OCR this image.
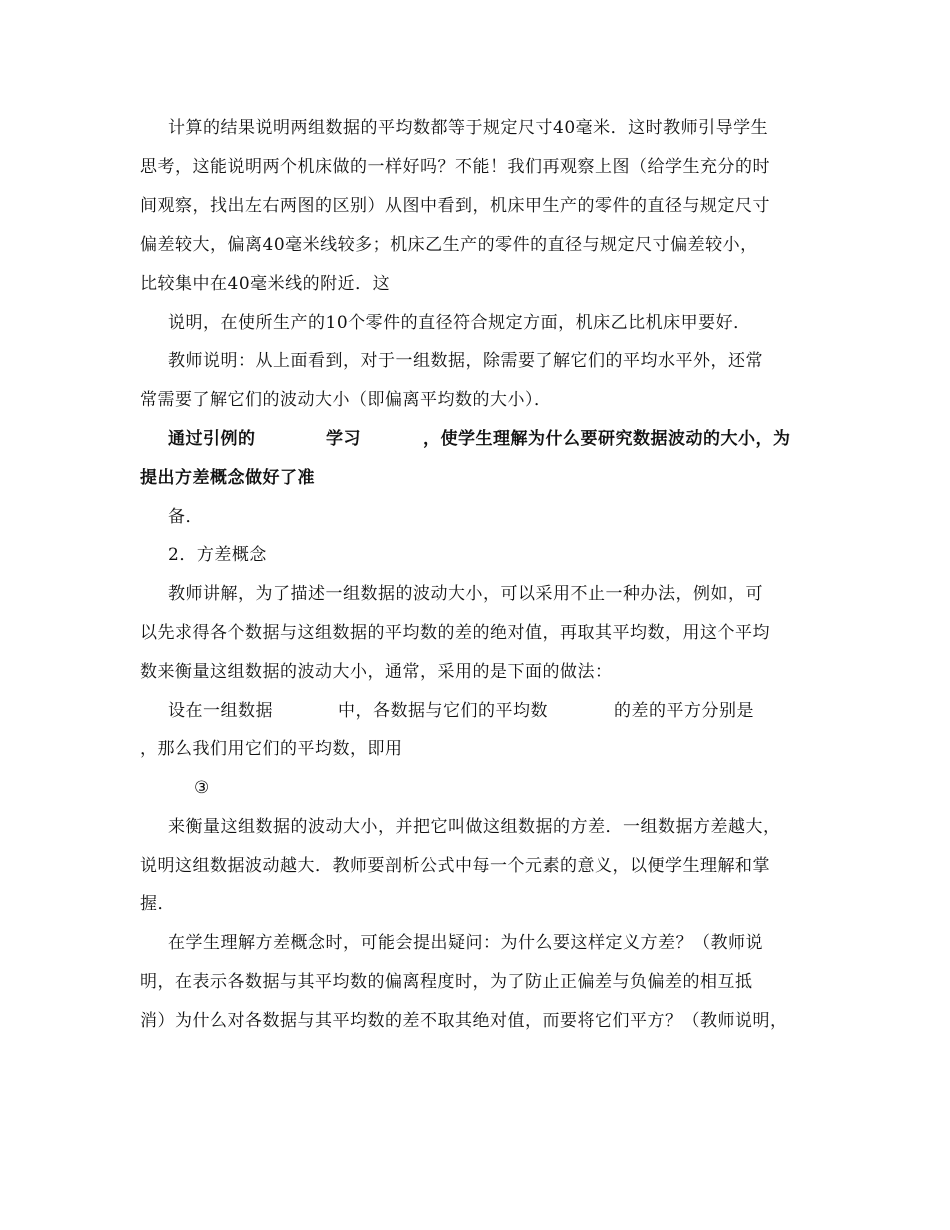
计算的结果说明两组数据的平均数都等于规定尺寸40毫米．这时教师引导学生
思考，这能说明两个机床做的一样好吗？不能！我们再观察上图（给学生充分的时
间观察，找出左右两图的区别）从图中看到，机床甲生产的零件的直径与规定尺寸
偏差较大，偏离40毫米线较多；机床乙生产的零件的直径与规定尺寸偏差较小，
比较集中在40毫米线的附近．这
说明，在使所生产的10个零件的直径符合规定方面，机床乙比机床甲要好．
教师说明：从上面看到，对于一组数据，除需要了解它们的平均水平外，还常
常需要了解它们的波动大小（即偏离平均数的大小）．
通过引例的	学习	，使学生理解为什么要研究数据波动的大小，为
提出方差概念做好了准
备．
2．方差概念
教师讲解，为了描述一组数据的波动大小，可以采用不止一种办法，例如，可
以先求得各个数据与这组数据的平均数的差的绝对值，再取其平均数，用这个平均
数来衡量这组数据的波动大小，通常，采用的是下面的做法：
设在一组数据	中，各数据与它们的平均数	的差的平方分别是
，那么我们用它们的平均数，即用
③
来衡量这组数据的波动大小，并把它叫做这组数据的方差．一组数据方差越大，
说明这组数据波动越大．教师要剖析公式中每一个元素的意义，以便学生理解和掌
握．
在学生理解方差概念时，可能会提出疑问：为什么要这样定义方差？（教师说
明，在表示各数据与其平均数的偏离程度时，为了防止正偏差与负偏差的相互抵
消）为什么对各数据与其平均数的差不取其绝对值，而要将它们平方？（教师说明，
